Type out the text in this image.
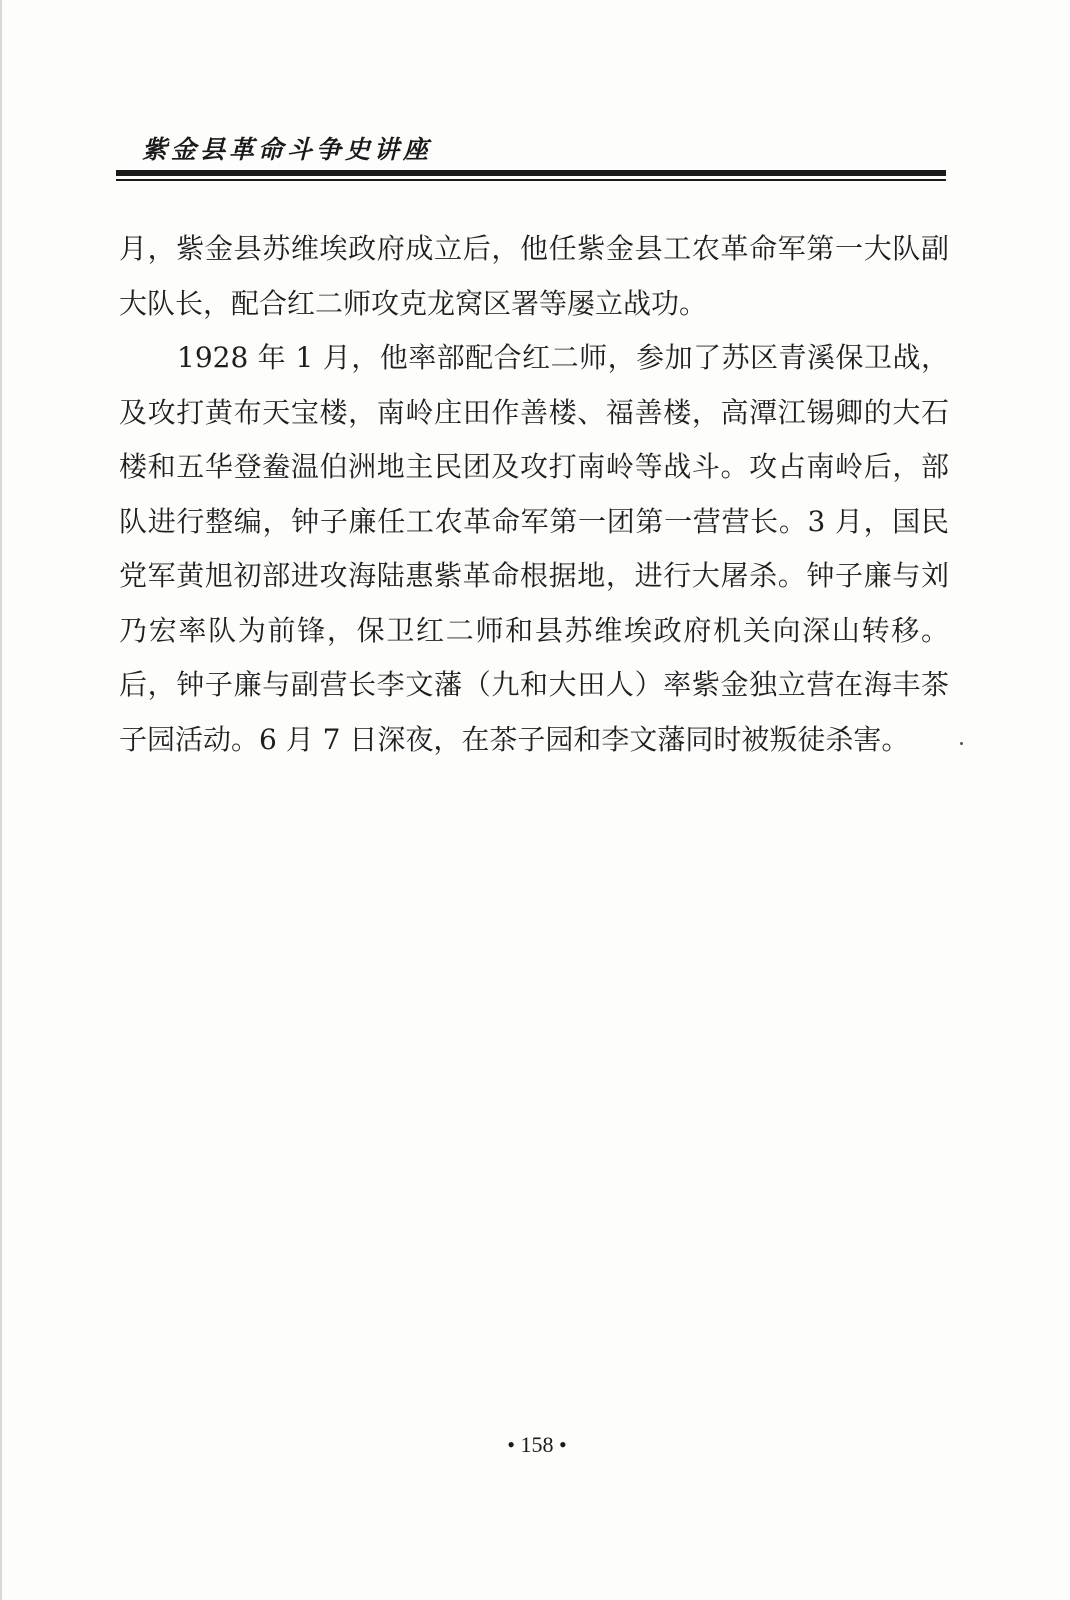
紫金县革命斗争史讲座

月，紫金县苏维埃政府成立后，他任紫金县工农革命军第一大队副大队长，配合红二师攻克龙窝区署等屡立战功。

1928 年 1 月，他率部配合红二师，参加了苏区青溪保卫战，及攻打黄布天宝楼，南岭庄田作善楼、福善楼，高潭江锡卿的大石楼和五华登鲞温伯洲地主民团及攻打南岭等战斗。攻占南岭后，部队进行整编，钟子廉任工农革命军第一团第一营营长。3 月，国民党军黄旭初部进攻海陆惠紫革命根据地，进行大屠杀。钟子廉与刘乃宏率队为前锋，保卫红二师和县苏维埃政府机关向深山转移。后，钟子廉与副营长李文藩（九和大田人）率紫金独立营在海丰茶子园活动。6 月 7 日深夜，在茶子园和李文藩同时被叛徒杀害。

• 158 •
